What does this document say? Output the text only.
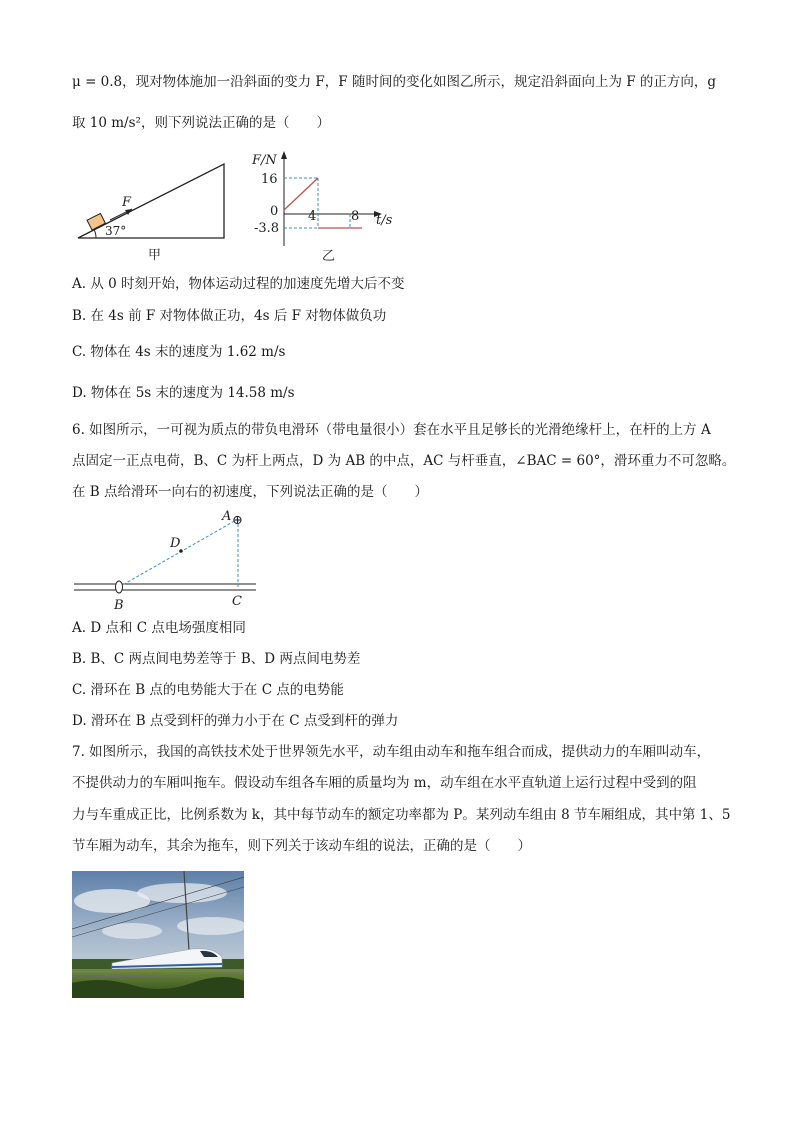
μ = 0.8，现对物体施加一沿斜面的变力 F，F 随时间的变化如图乙所示，规定沿斜面向上为 F 的正方向，g
取 10 m/s²，则下列说法正确的是（　　）
F
37°
甲
F/N
16
0
-3.8
4	8 t/s
乙
A. 从 0 时刻开始，物体运动过程的加速度先增大后不变
B. 在 4s 前 F 对物体做正功，4s 后 F 对物体做负功
C. 物体在 4s 末的速度为 1.62 m/s
D. 物体在 5s 末的速度为 14.58 m/s
6. 如图所示，一可视为质点的带负电滑环（带电量很小）套在水平且足够长的光滑绝缘杆上，在杆的上方 A
点固定一正点电荷，B、C 为杆上两点，D 为 AB 的中点，AC 与杆垂直，∠BAC = 60°，滑环重力不可忽略。
在 B 点给滑环一向右的初速度，下列说法正确的是（　　）
⊕
A
D
B	C
A. D 点和 C 点电场强度相同
B. B、C 两点间电势差等于 B、D 两点间电势差
C. 滑环在 B 点的电势能大于在 C 点的电势能
D. 滑环在 B 点受到杆的弹力小于在 C 点受到杆的弹力
7. 如图所示，我国的高铁技术处于世界领先水平，动车组由动车和拖车组合而成，提供动力的车厢叫动车，
不提供动力的车厢叫拖车。假设动车组各车厢的质量均为 m，动车组在水平直轨道上运行过程中受到的阻
力与车重成正比，比例系数为 k，其中每节动车的额定功率都为 P。某列动车组由 8 节车厢组成，其中第 1、5
节车厢为动车，其余为拖车，则下列关于该动车组的说法，正确的是（　　）
